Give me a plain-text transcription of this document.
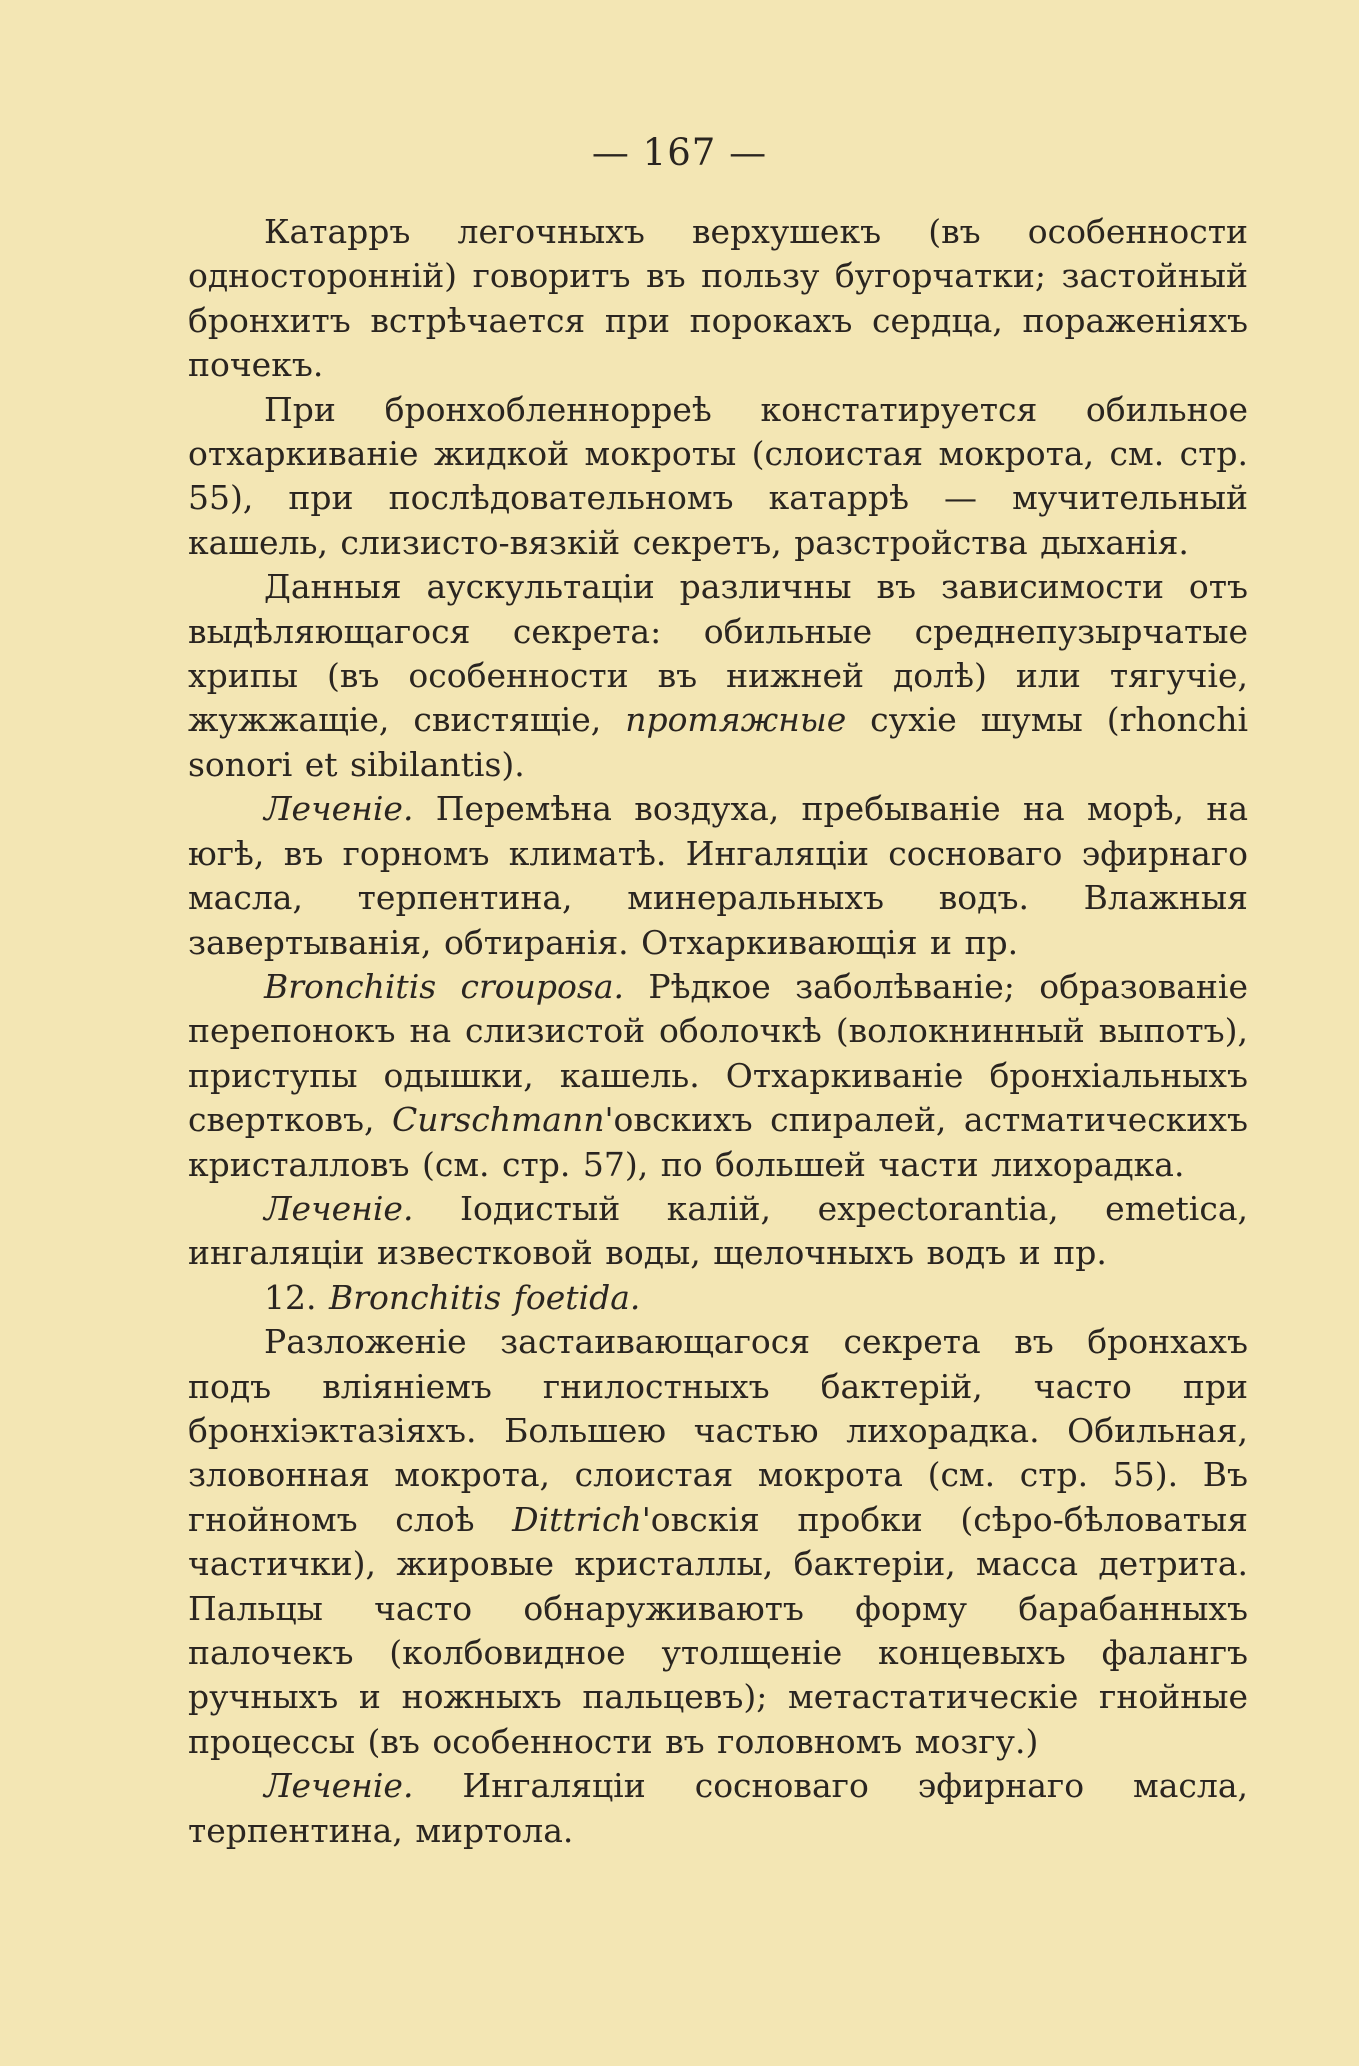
— 167 —

Катарръ легочныхъ верхушекъ (въ особенности односторонній) говоритъ въ пользу бугорчатки; застойный бронхитъ встрѣчается при порокахъ сердца, пораженіяхъ почекъ.

При бронхобленнорреѣ констатируется обильное отхаркиваніе жидкой мокроты (слоистая мокрота, см. стр. 55), при послѣдовательномъ катаррѣ — мучительный кашель, слизисто-вязкій секретъ, разстройства дыханія.

Данныя аускультаціи различны въ зависимости отъ выдѣляющагося секрета: обильные среднепузырчатые хрипы (въ особенности въ нижней долѣ) или тягучіе, жужжащіе, свистящіе, протяжные сухіе шумы (rhonchi sonori et sibilantis).

Леченіе. Перемѣна воздуха, пребываніе на морѣ, на югѣ, въ горномъ климатѣ. Ингаляціи сосноваго эфирнаго масла, терпентина, минеральныхъ водъ. Влажныя завертыванія, обтиранія. Отхаркивающія и пр.

Bronchitis crouposa. Рѣдкое заболѣваніе; образованіе перепонокъ на слизистой оболочкѣ (волокнинный выпотъ), приступы одышки, кашель. Отхаркиваніе бронхіальныхъ свертковъ, Curschmann'овскихъ спиралей, астматическихъ кристалловъ (см. стр. 57), по большей части лихорадка.

Леченіе. Іодистый калій, expectorantia, emetica, ингаляціи известковой воды, щелочныхъ водъ и пр.

12. Bronchitis foetida.

Разложеніе застаивающагося секрета въ бронхахъ подъ вліяніемъ гнилостныхъ бактерій, часто при бронхіэктазіяхъ. Большею частью лихорадка. Обильная, зловонная мокрота, слоистая мокрота (см. стр. 55). Въ гнойномъ слоѣ Dittrich'овскія пробки (сѣро-бѣловатыя частички), жировые кристаллы, бактеріи, масса детрита. Пальцы часто обнаруживаютъ форму барабанныхъ палочекъ (колбовидное утолщеніе концевыхъ фалангъ ручныхъ и ножныхъ пальцевъ); метастатическіе гнойные процессы (въ особенности въ головномъ мозгу.)

Леченіе. Ингаляціи сосноваго эфирнаго масла, терпентина, миртола.
